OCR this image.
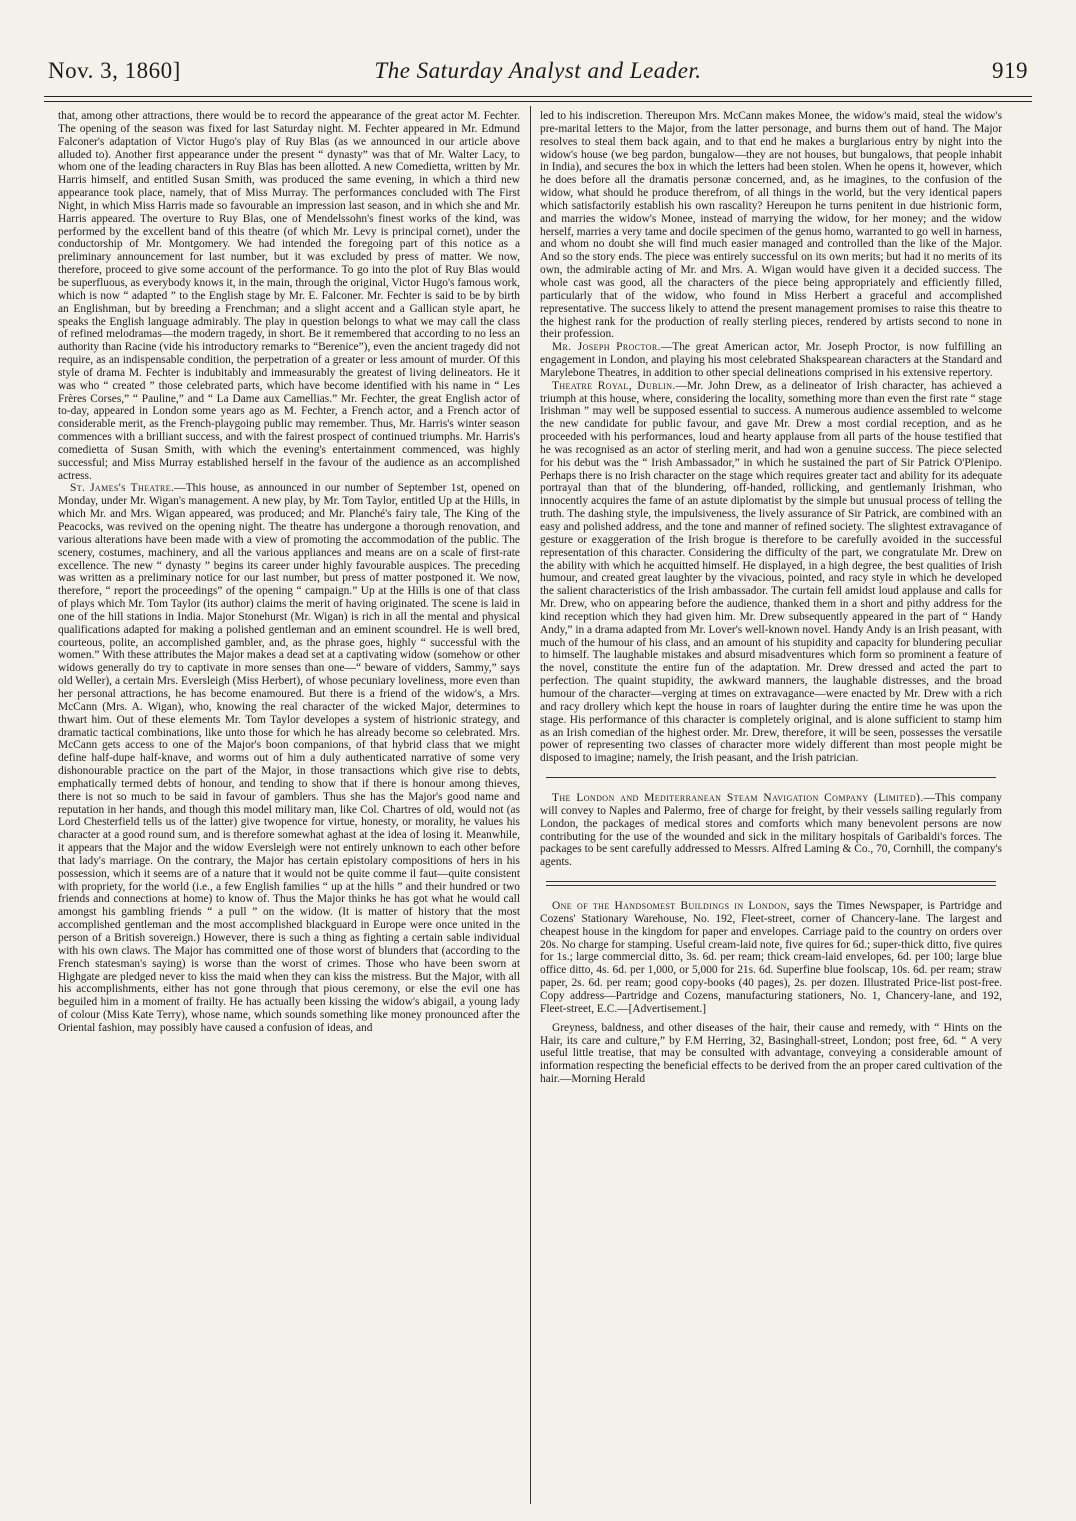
Nov. 3, 1860]	The Saturday Analyst and Leader.	919

that, among other attractions, there would be to record the appearance of the great actor M. Fechter. The opening of the season was fixed for last Saturday night. M. Fechter appeared in Mr. Edmund Falconer's adaptation of Victor Hugo's play of Ruy Blas (as we announced in our article above alluded to). Another first appearance under the present “ dynasty” was that of Mr. Walter Lacy, to whom one of the leading characters in Ruy Blas has been allotted. A new Comedietta, written by Mr. Harris himself, and entitled Susan Smith, was produced the same evening, in which a third new appearance took place, namely, that of Miss Murray. The performances concluded with The First Night, in which Miss Harris made so favourable an impression last season, and in which she and Mr. Harris appeared. The overture to Ruy Blas, one of Mendelssohn's finest works of the kind, was performed by the excellent band of this theatre (of which Mr. Levy is principal cornet), under the conductorship of Mr. Montgomery. We had intended the foregoing part of this notice as a preliminary announcement for last number, but it was excluded by press of matter. We now, therefore, proceed to give some account of the performance. To go into the plot of Ruy Blas would be superfluous, as everybody knows it, in the main, through the original, Victor Hugo's famous work, which is now “ adapted ” to the English stage by Mr. E. Falconer. Mr. Fechter is said to be by birth an Englishman, but by breeding a Frenchman; and a slight accent and a Gallican style apart, he speaks the English language admirably. The play in question belongs to what we may call the class of refined melodramas—the modern tragedy, in short. Be it remembered that according to no less an authority than Racine (vide his introductory remarks to “Berenice”), even the ancient tragedy did not require, as an indispensable condition, the perpetration of a greater or less amount of murder. Of this style of drama M. Fechter is indubitably and immeasurably the greatest of living delineators. He it was who “ created ” those celebrated parts, which have become identified with his name in “ Les Frères Corses,” “ Pauline,” and “ La Dame aux Camellias.” Mr. Fechter, the great English actor of to-day, appeared in London some years ago as M. Fechter, a French actor, and a French actor of considerable merit, as the French-playgoing public may remember. Thus, Mr. Harris's winter season commences with a brilliant success, and with the fairest prospect of continued triumphs. Mr. Harris's comedietta of Susan Smith, with which the evening's entertainment commenced, was highly successful; and Miss Murray established herself in the favour of the audience as an accomplished actress.

St. James's Theatre.—This house, as announced in our number of September 1st, opened on Monday, under Mr. Wigan's management. A new play, by Mr. Tom Taylor, entitled Up at the Hills, in which Mr. and Mrs. Wigan appeared, was produced; and Mr. Planché's fairy tale, The King of the Peacocks, was revived on the opening night. The theatre has undergone a thorough renovation, and various alterations have been made with a view of promoting the accommodation of the public. The scenery, costumes, machinery, and all the various appliances and means are on a scale of first-rate excellence. The new “ dynasty ” begins its career under highly favourable auspices. The preceding was written as a preliminary notice for our last number, but press of matter postponed it. We now, therefore, “ report the proceedings” of the opening “ campaign.” Up at the Hills is one of that class of plays which Mr. Tom Taylor (its author) claims the merit of having originated. The scene is laid in one of the hill stations in India. Major Stonehurst (Mr. Wigan) is rich in all the mental and physical qualifications adapted for making a polished gentleman and an eminent scoundrel. He is well bred, courteous, polite, an accomplished gambler, and, as the phrase goes, highly “ successful with the women.” With these attributes the Major makes a dead set at a captivating widow (somehow or other widows generally do try to captivate in more senses than one—“ beware of vidders, Sammy,” says old Weller), a certain Mrs. Eversleigh (Miss Herbert), of whose pecuniary loveliness, more even than her personal attractions, he has become enamoured. But there is a friend of the widow's, a Mrs. McCann (Mrs. A. Wigan), who, knowing the real character of the wicked Major, determines to thwart him. Out of these elements Mr. Tom Taylor developes a system of histrionic strategy, and dramatic tactical combinations, like unto those for which he has already become so celebrated. Mrs. McCann gets access to one of the Major's boon companions, of that hybrid class that we might define half-dupe half-knave, and worms out of him a duly authenticated narrative of some very dishonourable practice on the part of the Major, in those transactions which give rise to debts, emphatically termed debts of honour, and tending to show that if there is honour among thieves, there is not so much to be said in favour of gamblers. Thus she has the Major's good name and reputation in her hands, and though this model military man, like Col. Chartres of old, would not (as Lord Chesterfield tells us of the latter) give twopence for virtue, honesty, or morality, he values his character at a good round sum, and is therefore somewhat aghast at the idea of losing it. Meanwhile, it appears that the Major and the widow Eversleigh were not entirely unknown to each other before that lady's marriage. On the contrary, the Major has certain epistolary compositions of hers in his possession, which it seems are of a nature that it would not be quite comme il faut—quite consistent with propriety, for the world (i.e., a few English families “ up at the hills ” and their hundred or two friends and connections at home) to know of. Thus the Major thinks he has got what he would call amongst his gambling friends “ a pull ” on the widow. (It is matter of history that the most accomplished gentleman and the most accomplished blackguard in Europe were once united in the person of a British sovereign.) However, there is such a thing as fighting a certain sable individual with his own claws. The Major has committed one of those worst of blunders that (according to the French statesman's saying) is worse than the worst of crimes. Those who have been sworn at Highgate are pledged never to kiss the maid when they can kiss the mistress. But the Major, with all his accomplishments, either has not gone through that pious ceremony, or else the evil one has beguiled him in a moment of frailty. He has actually been kissing the widow's abigail, a young lady of colour (Miss Kate Terry), whose name, which sounds something like money pronounced after the Oriental fashion, may possibly have caused a confusion of ideas, and

led to his indiscretion. Thereupon Mrs. McCann makes Monee, the widow's maid, steal the widow's pre-marital letters to the Major, from the latter personage, and burns them out of hand. The Major resolves to steal them back again, and to that end he makes a burglarious entry by night into the widow's house (we beg pardon, bungalow—they are not houses, but bungalows, that people inhabit in India), and secures the box in which the letters had been stolen. When he opens it, however, which he does before all the dramatis personæ concerned, and, as he imagines, to the confusion of the widow, what should he produce therefrom, of all things in the world, but the very identical papers which satisfactorily establish his own rascality? Hereupon he turns penitent in due histrionic form, and marries the widow's Monee, instead of marrying the widow, for her money; and the widow herself, marries a very tame and docile specimen of the genus homo, warranted to go well in harness, and whom no doubt she will find much easier managed and controlled than the like of the Major. And so the story ends. The piece was entirely successful on its own merits; but had it no merits of its own, the admirable acting of Mr. and Mrs. A. Wigan would have given it a decided success. The whole cast was good, all the characters of the piece being appropriately and efficiently filled, particularly that of the widow, who found in Miss Herbert a graceful and accomplished representative. The success likely to attend the present management promises to raise this theatre to the highest rank for the production of really sterling pieces, rendered by artists second to none in their profession.

Mr. Joseph Proctor.—The great American actor, Mr. Joseph Proctor, is now fulfilling an engagement in London, and playing his most celebrated Shakspearean characters at the Standard and Marylebone Theatres, in addition to other special delineations comprised in his extensive repertory.

Theatre Royal, Dublin.—Mr. John Drew, as a delineator of Irish character, has achieved a triumph at this house, where, considering the locality, something more than even the first rate “ stage Irishman ” may well be supposed essential to success. A numerous audience assembled to welcome the new candidate for public favour, and gave Mr. Drew a most cordial reception, and as he proceeded with his performances, loud and hearty applause from all parts of the house testified that he was recognised as an actor of sterling merit, and had won a genuine success. The piece selected for his debut was the “ Irish Ambassador,” in which he sustained the part of Sir Patrick O'Plenipo. Perhaps there is no Irish character on the stage which requires greater tact and ability for its adequate portrayal than that of the blundering, off-handed, rollicking, and gentlemanly Irishman, who innocently acquires the fame of an astute diplomatist by the simple but unusual process of telling the truth. The dashing style, the impulsiveness, the lively assurance of Sir Patrick, are combined with an easy and polished address, and the tone and manner of refined society. The slightest extravagance of gesture or exaggeration of the Irish brogue is therefore to be carefully avoided in the successful representation of this character. Considering the difficulty of the part, we congratulate Mr. Drew on the ability with which he acquitted himself. He displayed, in a high degree, the best qualities of Irish humour, and created great laughter by the vivacious, pointed, and racy style in which he developed the salient characteristics of the Irish ambassador. The curtain fell amidst loud applause and calls for Mr. Drew, who on appearing before the audience, thanked them in a short and pithy address for the kind reception which they had given him. Mr. Drew subsequently appeared in the part of “ Handy Andy,” in a drama adapted from Mr. Lover's well-known novel. Handy Andy is an Irish peasant, with much of the humour of his class, and an amount of his stupidity and capacity for blundering peculiar to himself. The laughable mistakes and absurd misadventures which form so prominent a feature of the novel, constitute the entire fun of the adaptation. Mr. Drew dressed and acted the part to perfection. The quaint stupidity, the awkward manners, the laughable distresses, and the broad humour of the character—verging at times on extravagance—were enacted by Mr. Drew with a rich and racy drollery which kept the house in roars of laughter during the entire time he was upon the stage. His performance of this character is completely original, and is alone sufficient to stamp him as an Irish comedian of the highest order. Mr. Drew, therefore, it will be seen, possesses the versatile power of representing two classes of character more widely different than most people might be disposed to imagine; namely, the Irish peasant, and the Irish patrician.

The London and Mediterranean Steam Navigation Company (Limited).—This company will convey to Naples and Palermo, free of charge for freight, by their vessels sailing regularly from London, the packages of medical stores and comforts which many benevolent persons are now contributing for the use of the wounded and sick in the military hospitals of Garibaldi's forces. The packages to be sent carefully addressed to Messrs. Alfred Laming & Co., 70, Cornhill, the company's agents.

One of the Handsomest Buildings in London, says the Times Newspaper, is Partridge and Cozens' Stationary Warehouse, No. 192, Fleet-street, corner of Chancery-lane. The largest and cheapest house in the kingdom for paper and envelopes. Carriage paid to the country on orders over 20s. No charge for stamping. Useful cream-laid note, five quires for 6d.; super-thick ditto, five quires for 1s.; large commercial ditto, 3s. 6d. per ream; thick cream-laid envelopes, 6d. per 100; large blue office ditto, 4s. 6d. per 1,000, or 5,000 for 21s. 6d. Superfine blue foolscap, 10s. 6d. per ream; straw paper, 2s. 6d. per ream; good copy-books (40 pages), 2s. per dozen. Illustrated Price-list post-free. Copy address—Partridge and Cozens, manufacturing stationers, No. 1, Chancery-lane, and 192, Fleet-street, E.C.—[Advertisement.]

Greyness, baldness, and other diseases of the hair, their cause and remedy, with “ Hints on the Hair, its care and culture,” by F.M Herring, 32, Basinghall-street, London; post free, 6d. “ A very useful little treatise, that may be consulted with advantage, conveying a considerable amount of information respecting the beneficial effects to be derived from the an proper cared cultivation of the hair.—Morning Herald
